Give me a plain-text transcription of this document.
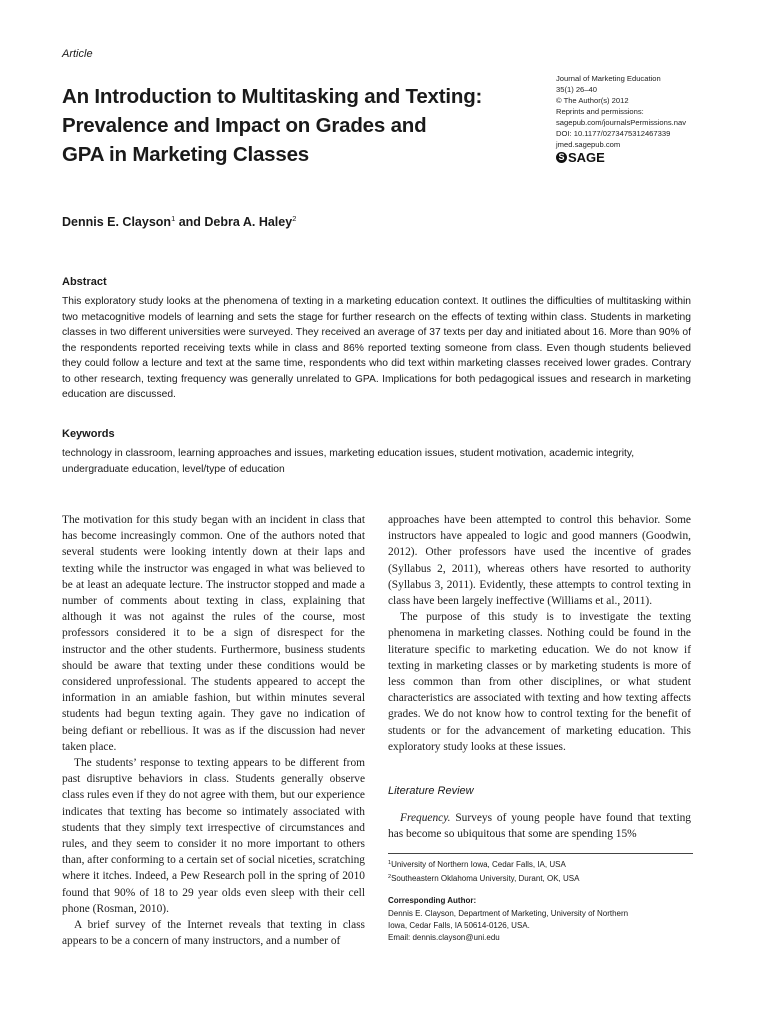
Article
An Introduction to Multitasking and Texting:
Prevalence and Impact on Grades and
GPA in Marketing Classes
Journal of Marketing Education
35(1) 26–40
© The Author(s) 2012
Reprints and permissions:
sagepub.com/journalsPermissions.nav
DOI: 10.1177/0273475312467339
jmed.sagepub.com
S SAGE
Dennis E. Clayson$^1$ and Debra A. Haley$^2$
Abstract

This exploratory study looks at the phenomena of texting in a marketing education context. It outlines the difficulties of multitasking within two metacognitive models of learning and sets the stage for further research on the effects of texting within class. Students in marketing classes in two different universities were surveyed. They received an average of 37 texts per day and initiated about 16. More than 90% of the respondents reported receiving texts while in class and 86% reported texting someone from class. Even though students believed they could follow a lecture and text at the same time, respondents who did text within marketing classes received lower grades. Contrary to other research, texting frequency was generally unrelated to GPA. Implications for both pedagogical issues and research in marketing education are discussed.

Keywords

technology in classroom, learning approaches and issues, marketing education issues, student motivation, academic integrity, undergraduate education, level/type of education

The motivation for this study began with an incident in class that has become increasingly common. One of the authors noted that several students were looking intently down at their laps and texting while the instructor was engaged in what was believed to be at least an adequate lecture. The instructor stopped and made a number of comments about texting in class, explaining that although it was not against the rules of the course, most professors considered it to be a sign of disrespect for the instructor and the other students. Furthermore, business students should be aware that texting under these conditions would be considered unprofessional. The students appeared to accept the information in an amiable fashion, but within minutes several students had begun texting again. They gave no indication of being defiant or rebellious. It was as if the discussion had never taken place.

The students’ response to texting appears to be different from past disruptive behaviors in class. Students generally observe class rules even if they do not agree with them, but our experience indicates that texting has become so intimately associated with students that they simply text irrespective of circumstances and rules, and they seem to consider it no more important to others than, after conforming to a certain set of social niceties, scratching where it itches. Indeed, a Pew Research poll in the spring of 2010 found that 90% of 18 to 29 year olds even sleep with their cell phone (Rosman, 2010).

A brief survey of the Internet reveals that texting in class appears to be a concern of many instructors, and a number of

approaches have been attempted to control this behavior. Some instructors have appealed to logic and good manners (Goodwin, 2012). Other professors have used the incentive of grades (Syllabus 2, 2011), whereas others have resorted to authority (Syllabus 3, 2011). Evidently, these attempts to control texting in class have been largely ineffective (Williams et al., 2011).

The purpose of this study is to investigate the texting phenomena in marketing classes. Nothing could be found in the literature specific to marketing education. We do not know if texting in marketing classes or by marketing students is more of less common than from other disciplines, or what student characteristics are associated with texting and how texting affects grades. We do not know how to control texting for the benefit of students or for the advancement of marketing education. This exploratory study looks at these issues.

Literature Review

Frequency. Surveys of young people have found that texting has become so ubiquitous that some are spending 15%

$^1$University of Northern Iowa, Cedar Falls, IA, USA
$^2$Southeastern Oklahoma University, Durant, OK, USA
Corresponding Author:
Dennis E. Clayson, Department of Marketing, University of Northern
Iowa, Cedar Falls, IA 50614-0126, USA.
Email: dennis.clayson@uni.edu
